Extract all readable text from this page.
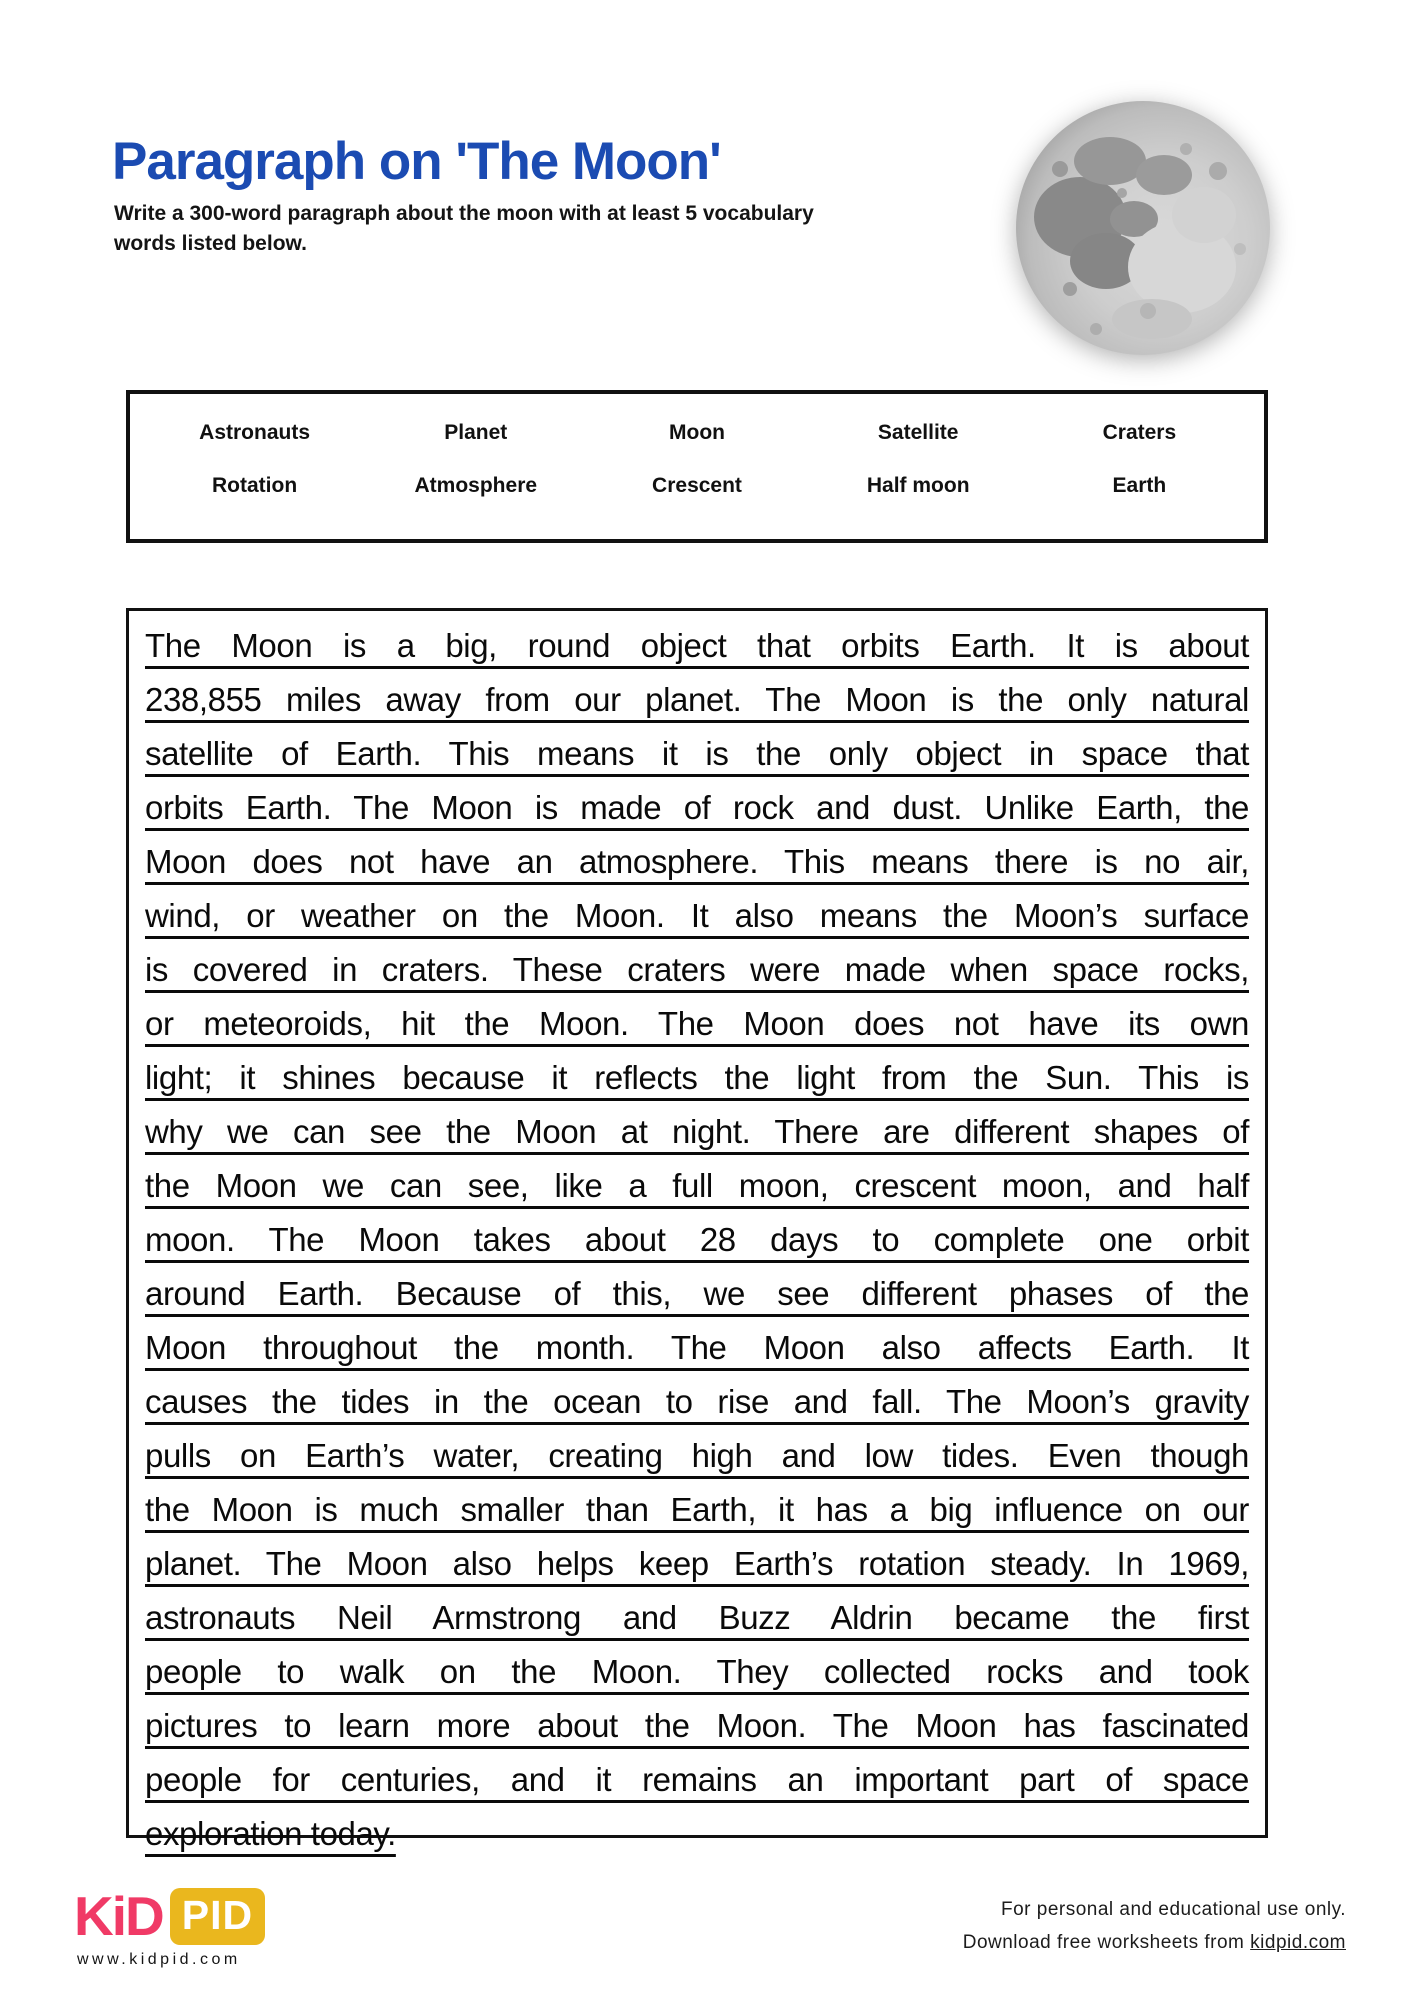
Paragraph on 'The Moon'
Write a 300-word paragraph about the moon with at least 5 vocabulary words listed below.
Astronauts	Planet	Moon	Satellite	Craters
Rotation	Atmosphere	Crescent	Half moon	Earth
The Moon is a big, round object that orbits Earth. It is about
238,855 miles away from our planet. The Moon is the only natural
satellite of Earth. This means it is the only object in space that
orbits Earth. The Moon is made of rock and dust. Unlike Earth, the
Moon does not have an atmosphere. This means there is no air,
wind, or weather on the Moon. It also means the Moon’s surface
is covered in craters. These craters were made when space rocks,
or meteoroids, hit the Moon. The Moon does not have its own
light; it shines because it reflects the light from the Sun. This is
why we can see the Moon at night. There are different shapes of
the Moon we can see, like a full moon, crescent moon, and half
moon. The Moon takes about 28 days to complete one orbit
around Earth. Because of this, we see different phases of the
Moon throughout the month. The Moon also affects Earth. It
causes the tides in the ocean to rise and fall. The Moon’s gravity
pulls on Earth’s water, creating high and low tides. Even though
the Moon is much smaller than Earth, it has a big influence on our
planet. The Moon also helps keep Earth’s rotation steady. In 1969,
astronauts Neil Armstrong and Buzz Aldrin became the first
people to walk on the Moon. They collected rocks and took
pictures to learn more about the Moon. The Moon has fascinated
people for centuries, and it remains an important part of space
exploration today.
KiD PID
www.kidpid.com
For personal and educational use only.
Download free worksheets from kidpid.com
